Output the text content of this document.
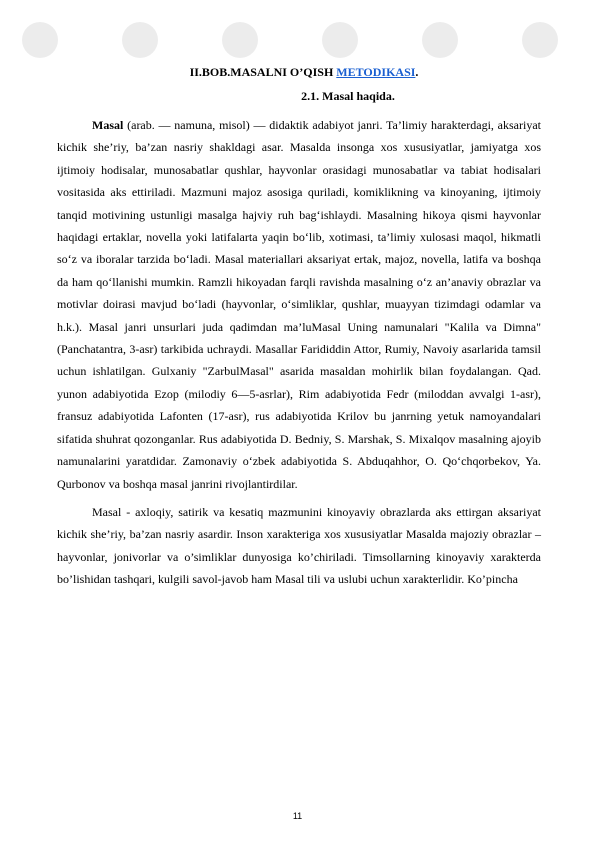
II.BOB.MASALNI O’QISH METODIKASI.
2.1. Masal haqida.

Masal (arab. — namuna, misol) — didaktik adabiyot janri. Ta’limiy harakterdagi, aksariyat kichik she’riy, ba’zan nasriy shakldagi asar. Masalda insonga xos xususiyatlar, jamiyatga xos ijtimoiy hodisalar, munosabatlar qushlar, hayvonlar orasidagi munosabatlar va tabiat hodisalari vositasida aks ettiriladi. Mazmuni majoz asosiga quriladi, komiklikning va kinoyaning, ijtimoiy tanqid motivining ustunligi masalga hajviy ruh bag‘ishlaydi. Masalning hikoya qismi hayvonlar haqidagi ertaklar, novella yoki latifalarta yaqin bo‘lib, xotimasi, ta’limiy xulosasi maqol, hikmatli so‘z va iboralar tarzida bo‘ladi. Masal materiallari aksariyat ertak, majoz, novella, latifa va boshqa da ham qo‘llanishi mumkin. Ramzli hikoyadan farqli ravishda masalning o‘z an’anaviy obrazlar va motivlar doirasi mavjud bo‘ladi (hayvonlar, o‘simliklar, qushlar, muayyan tizimdagi odamlar va h.k.). Masal janri unsurlari juda qadimdan ma’luMasal Uning namunalari "Kalila va Dimna" (Panchatantra, 3-asr) tarkibida uchraydi. Masallar Farididdin Attor, Rumiy, Navoiy asarlarida tamsil uchun ishlatilgan. Gulxaniy "ZarbulMasal" asarida masaldan mohirlik bilan foydalangan. Qad. yunon adabiyotida Ezop (milodiy 6—5-asrlar), Rim adabiyotida Fedr (miloddan avvalgi 1-asr), fransuz adabiyotida Lafonten (17-asr), rus adabiyotida Krilov bu janrning yetuk namoyandalari sifatida shuhrat qozonganlar. Rus adabiyotida D. Bedniy, S. Marshak, S. Mixalqov masalning ajoyib namunalarini yaratdidar. Zamonaviy o‘zbek adabiyotida S. Abduqahhor, O. Qo‘chqorbekov, Ya. Qurbonov va boshqa masal janrini rivojlantirdilar.

Masal - axloqiy, satirik va kesatiq mazmunini kinoyaviy obrazlarda aks ettirgan aksariyat kichik she’riy, ba’zan nasriy asardir. Inson xarakteriga xos xususiyatlar Masalda majoziy obrazlar – hayvonlar, jonivorlar va o’simliklar dunyosiga ko’chiriladi. Timsollarning kinoyaviy xarakterda bo’lishidan tashqari, kulgili savol-javob ham Masal tili va uslubi uchun xarakterlidir. Ko’pincha

11
